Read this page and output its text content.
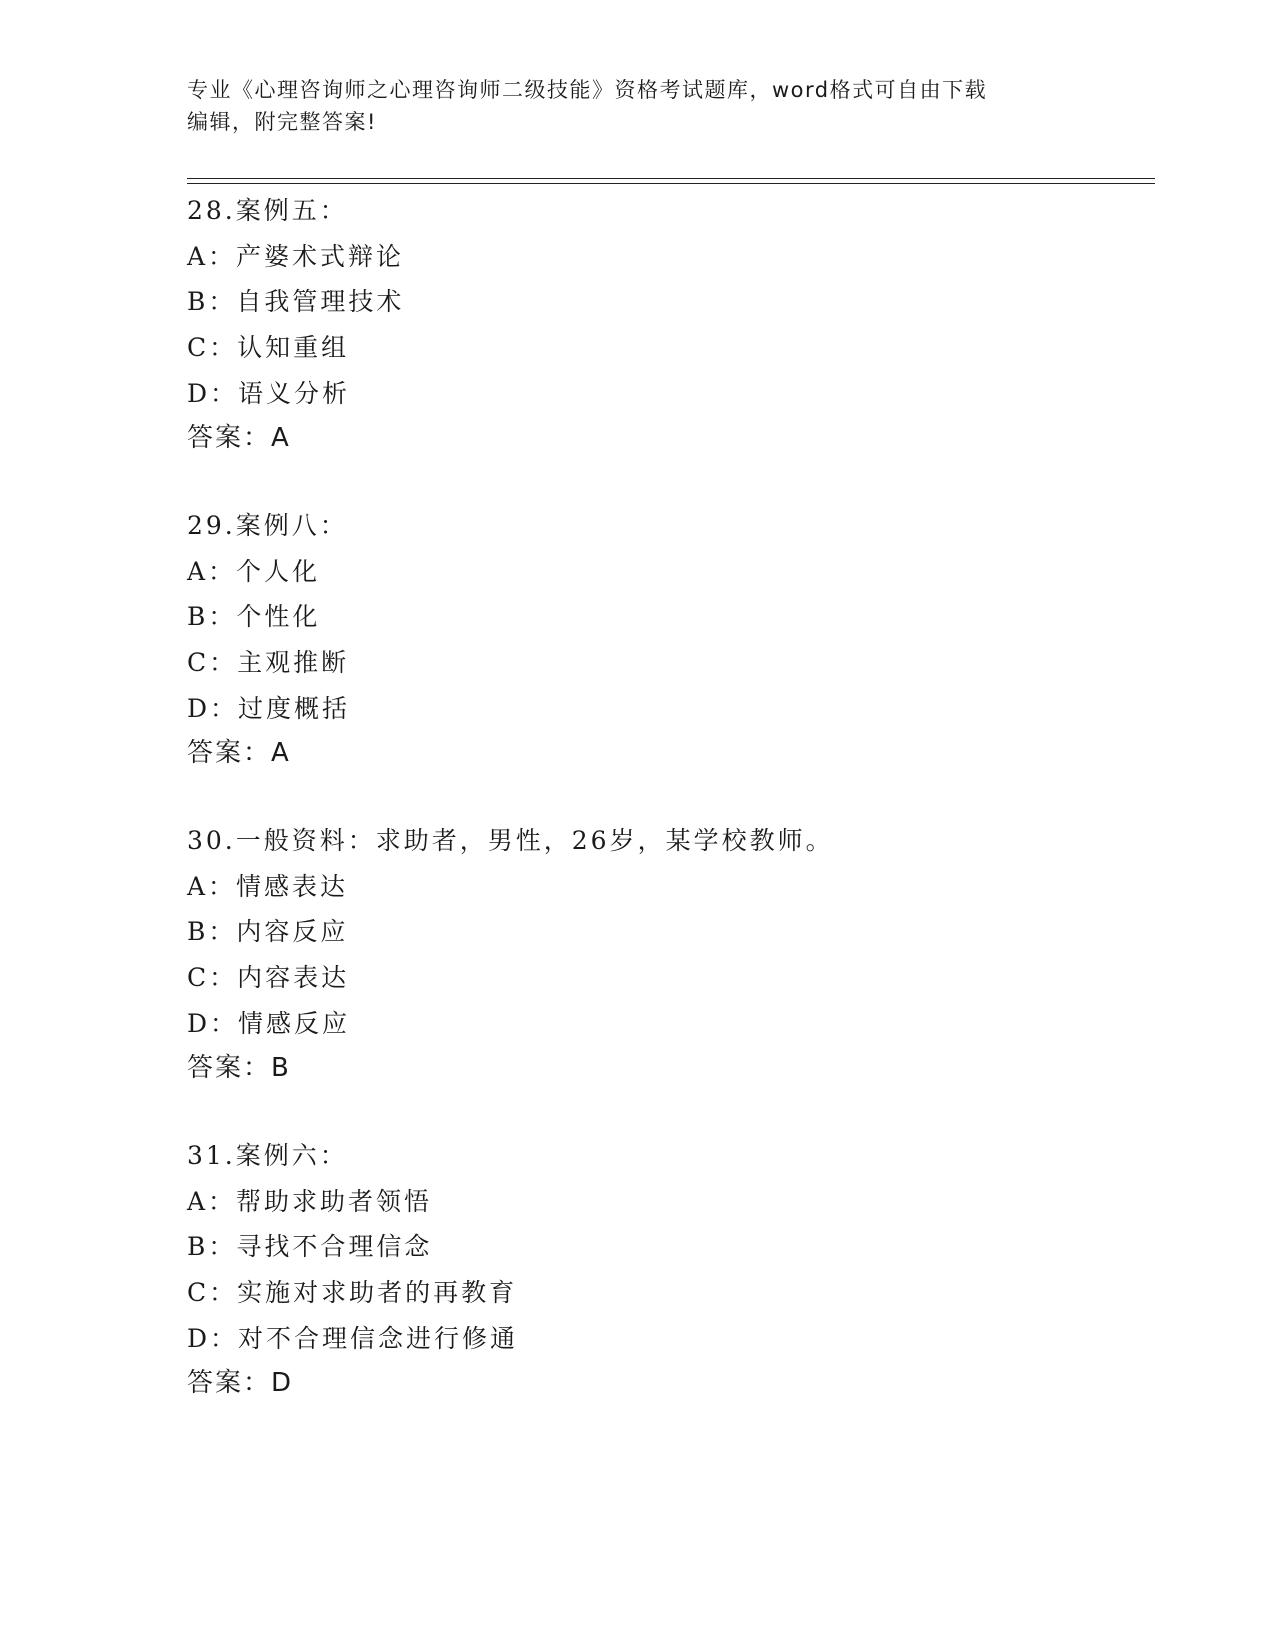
专业《心理咨询师之心理咨询师二级技能》资格考试题库，word格式可自由下载
编辑，附完整答案!
28.案例五：
A：产婆术式辩论
B：自我管理技术
C：认知重组
D：语义分析
答案：A
29.案例八：
A：个人化
B：个性化
C：主观推断
D：过度概括
答案：A
30.一般资料：求助者，男性，26岁，某学校教师。
A：情感表达
B：内容反应
C：内容表达
D：情感反应
答案：B
31.案例六：
A：帮助求助者领悟
B：寻找不合理信念
C：实施对求助者的再教育
D：对不合理信念进行修通
答案：D
